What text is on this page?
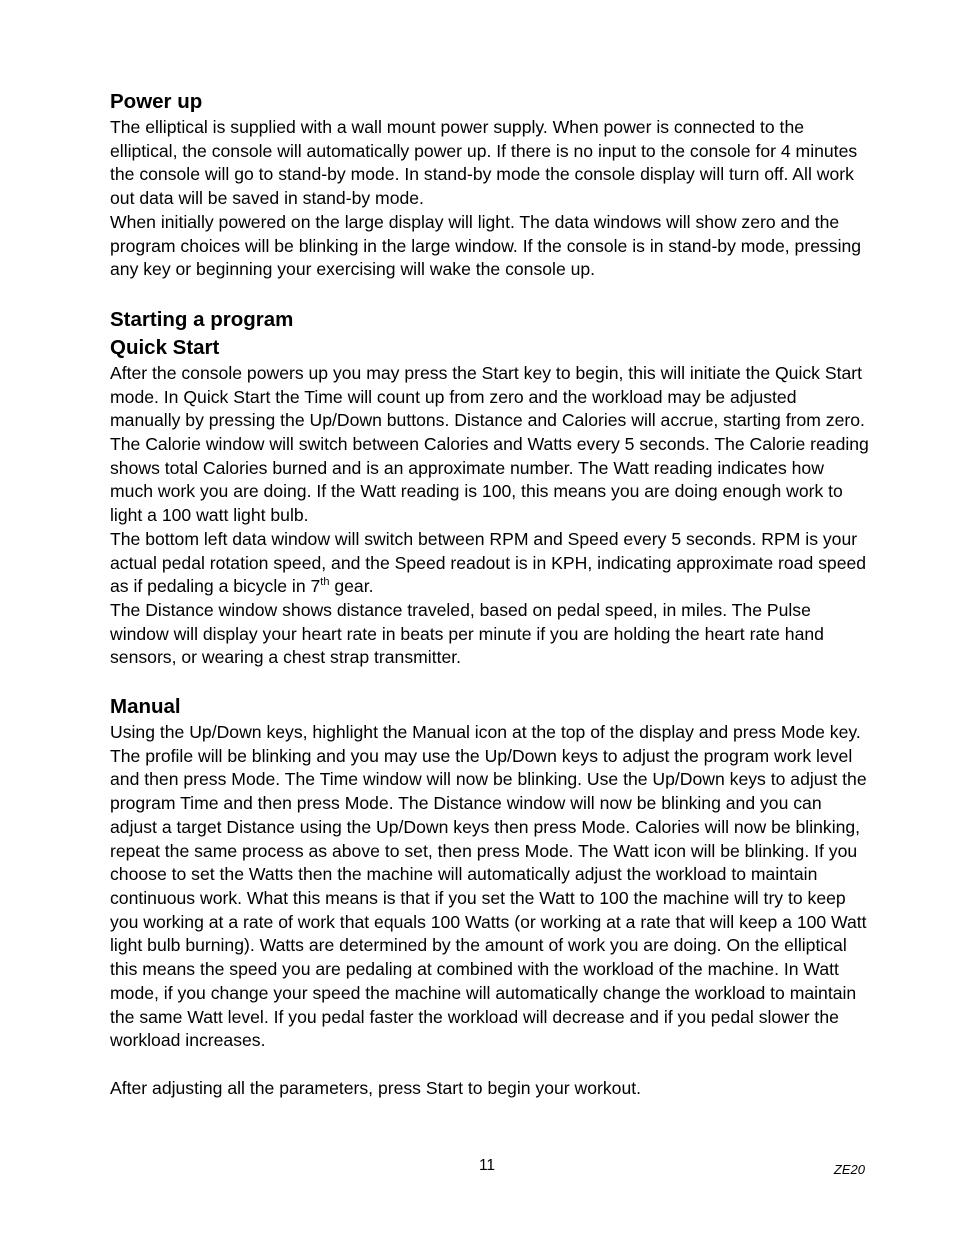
Power up

The elliptical is supplied with a wall mount power supply. When power is connected to the elliptical, the console will automatically power up. If there is no input to the console for 4 minutes the console will go to stand-by mode. In stand-by mode the console display will turn off. All work out data will be saved in stand-by mode.

When initially powered on the large display will light. The data windows will show zero and the program choices will be blinking in the large window. If the console is in stand-by mode, pressing any key or beginning your exercising will wake the console up.

Starting a program
Quick Start

After the console powers up you may press the Start key to begin, this will initiate the Quick Start mode. In Quick Start the Time will count up from zero and the workload may be adjusted manually by pressing the Up/Down buttons. Distance and Calories will accrue, starting from zero.

The Calorie window will switch between Calories and Watts every 5 seconds. The Calorie reading shows total Calories burned and is an approximate number. The Watt reading indicates how much work you are doing. If the Watt reading is 100, this means you are doing enough work to light a 100 watt light bulb.

The bottom left data window will switch between RPM and Speed every 5 seconds. RPM is your actual pedal rotation speed, and the Speed readout is in KPH, indicating approximate road speed as if pedaling a bicycle in 7th gear.

The Distance window shows distance traveled, based on pedal speed, in miles. The Pulse window will display your heart rate in beats per minute if you are holding the heart rate hand sensors, or wearing a chest strap transmitter.

Manual

Using the Up/Down keys, highlight the Manual icon at the top of the display and press Mode key. The profile will be blinking and you may use the Up/Down keys to adjust the program work level and then press Mode. The Time window will now be blinking. Use the Up/Down keys to adjust the program Time and then press Mode. The Distance window will now be blinking and you can adjust a target Distance using the Up/Down keys then press Mode. Calories will now be blinking, repeat the same process as above to set, then press Mode. The Watt icon will be blinking. If you choose to set the Watts then the machine will automatically adjust the workload to maintain continuous work. What this means is that if you set the Watt to 100 the machine will try to keep you working at a rate of work that equals 100 Watts (or working at a rate that will keep a 100 Watt light bulb burning). Watts are determined by the amount of work you are doing. On the elliptical this means the speed you are pedaling at combined with the workload of the machine. In Watt mode, if you change your speed the machine will automatically change the workload to maintain the same Watt level. If you pedal faster the workload will decrease and if you pedal slower the workload increases.

After adjusting all the parameters, press Start to begin your workout.

11	ZE20
